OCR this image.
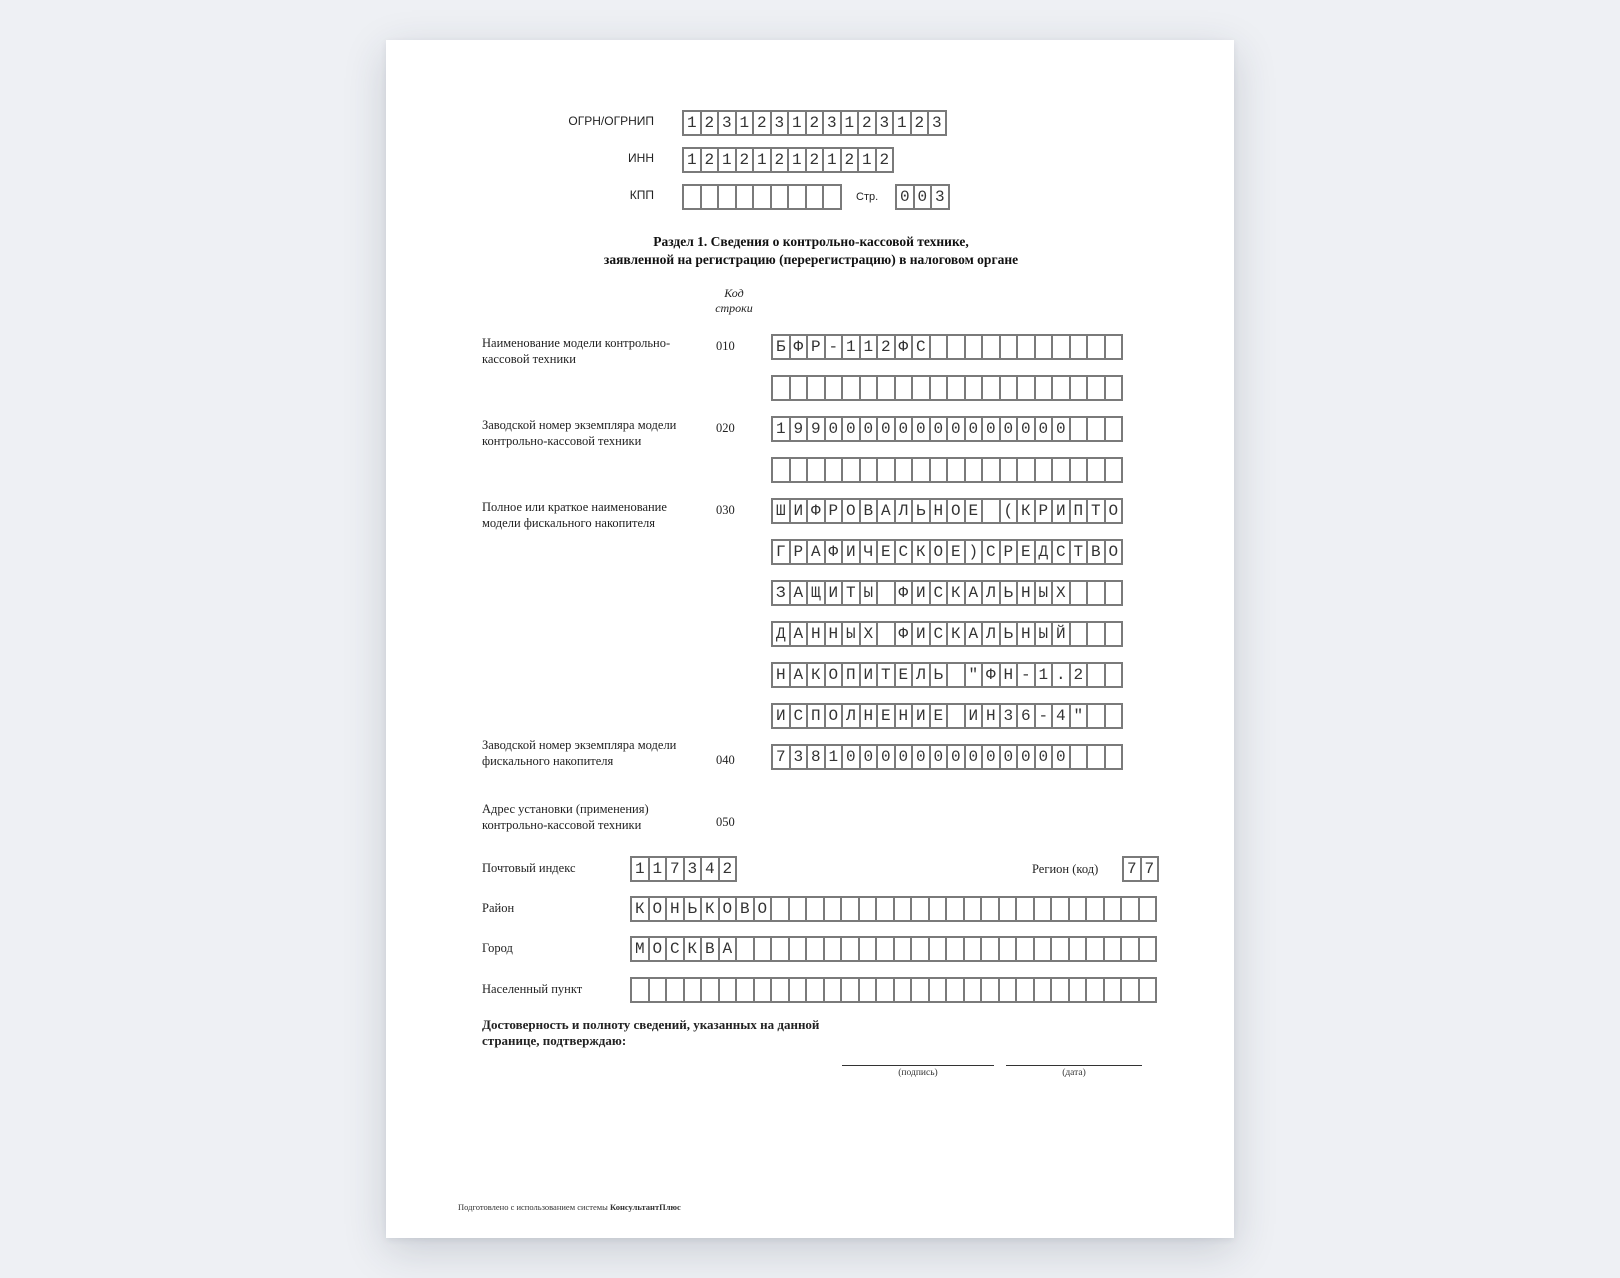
ОГРН/ОГРНИП 1 2 3 1 2 3 1 2 3 1 2 3 1 2 3
ИНН 1 2 1 2 1 2 1 2 1 2 1 2
КПП	Стр. 0 0 3
Раздел 1. Сведения о контрольно-кассовой технике,
заявленной на регистрацию (перерегистрацию) в налоговом органе
Код
строки
Наименование модели контрольно-
кассовой техники
010	Б Ф Р - 1 1 2 Ф С
Заводской номер экземпляра модели
контрольно-кассовой техники
020	1 9 9 0 0 0 0 0 0 0 0 0 0 0 0 0 0
Полное или краткое наименование
модели фискального накопителя
030	Ш И Ф Р О В А Л Ь Н О Е	( К Р И П Т О
Г Р А Ф И Ч Е С К О Е ) С Р Е Д С Т В О
З А Щ И Т Ы	Ф И С К А Л Ь Н Ы Х
Д А Н Н Ы Х	Ф И С К А Л Ь Н Ы Й
Н А К О П И Т Е Л Ь	" Ф Н - 1 . 2
И С П О Л Н Е Н И Е	И Н 3 6 - 4 "
Заводской номер экземпляра модели
фискального накопителя	040	7 3 8 1 0 0 0 0 0 0 0 0 0 0 0 0 0
Адрес установки (применения)
контрольно-кассовой техники	050
Почтовый индекс	1 1 7 3 4 2	Регион (код) 7 7
Район	К О Н Ь К О В О
Город	М О С К В А
Населенный пункт
Достоверность и полноту сведений, указанных на данной
странице, подтверждаю:
(подпись)	(дата)
Подготовлено с использованием системы КонсультантПлюс
